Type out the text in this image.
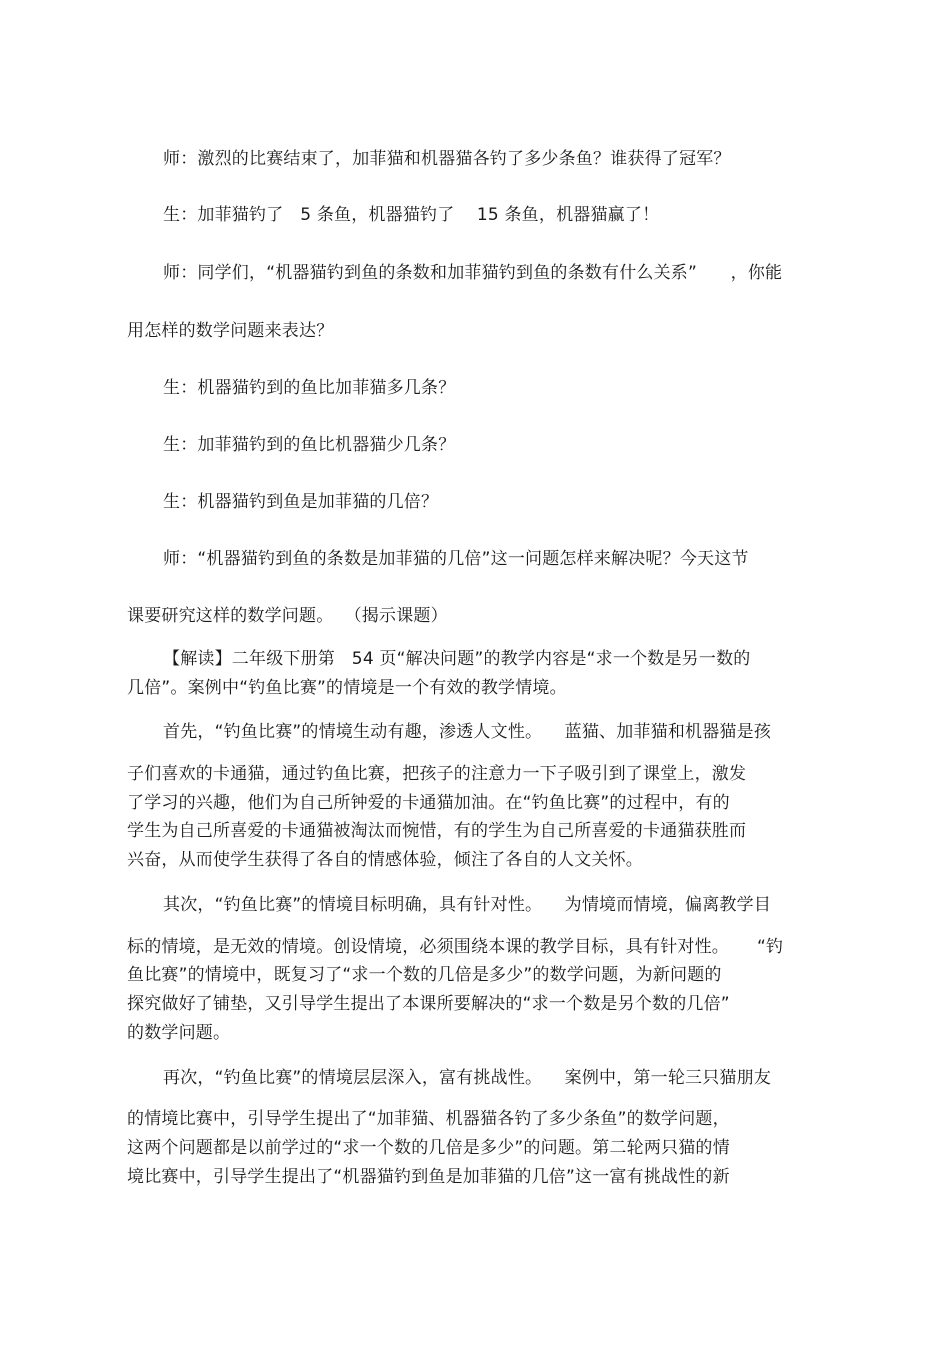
师：激烈的比赛结束了，加菲猫和机器猫各钓了多少条鱼？谁获得了冠军？
生：加菲猫钓了   5 条鱼，机器猫钓了    15 条鱼，机器猫赢了！
师：同学们，“机器猫钓到鱼的条数和加菲猫钓到鱼的条数有什么关系”      ，你能
用怎样的数学问题来表达？
生：机器猫钓到的鱼比加菲猫多几条？
生：加菲猫钓到的鱼比机器猫少几条？
生：机器猫钓到鱼是加菲猫的几倍？
师：“机器猫钓到鱼的条数是加菲猫的几倍”这一问题怎样来解决呢？今天这节
课要研究这样的数学问题。  （揭示课题）
【解读】二年级下册第   54 页“解决问题”的教学内容是“求一个数是另一数的
几倍”。案例中“钓鱼比赛”的情境是一个有效的教学情境。
首先，“钓鱼比赛”的情境生动有趣，渗透人文性。    蓝猫、加菲猫和机器猫是孩
子们喜欢的卡通猫，通过钓鱼比赛，把孩子的注意力一下子吸引到了课堂上，激发
了学习的兴趣，他们为自己所钟爱的卡通猫加油。在“钓鱼比赛”的过程中，有的
学生为自己所喜爱的卡通猫被淘汰而惋惜，有的学生为自己所喜爱的卡通猫获胜而
兴奋，从而使学生获得了各自的情感体验，倾注了各自的人文关怀。
其次，“钓鱼比赛”的情境目标明确，具有针对性。    为情境而情境，偏离教学目
标的情境，是无效的情境。创设情境，必须围绕本课的教学目标，具有针对性。     “钓
鱼比赛”的情境中，既复习了“求一个数的几倍是多少”的数学问题，为新问题的
探究做好了铺垫，又引导学生提出了本课所要解决的“求一个数是另个数的几倍”
的数学问题。
再次，“钓鱼比赛”的情境层层深入，富有挑战性。    案例中，第一轮三只猫朋友
的情境比赛中，引导学生提出了“加菲猫、机器猫各钓了多少条鱼”的数学问题，
这两个问题都是以前学过的“求一个数的几倍是多少”的问题。第二轮两只猫的情
境比赛中，引导学生提出了“机器猫钓到鱼是加菲猫的几倍”这一富有挑战性的新
